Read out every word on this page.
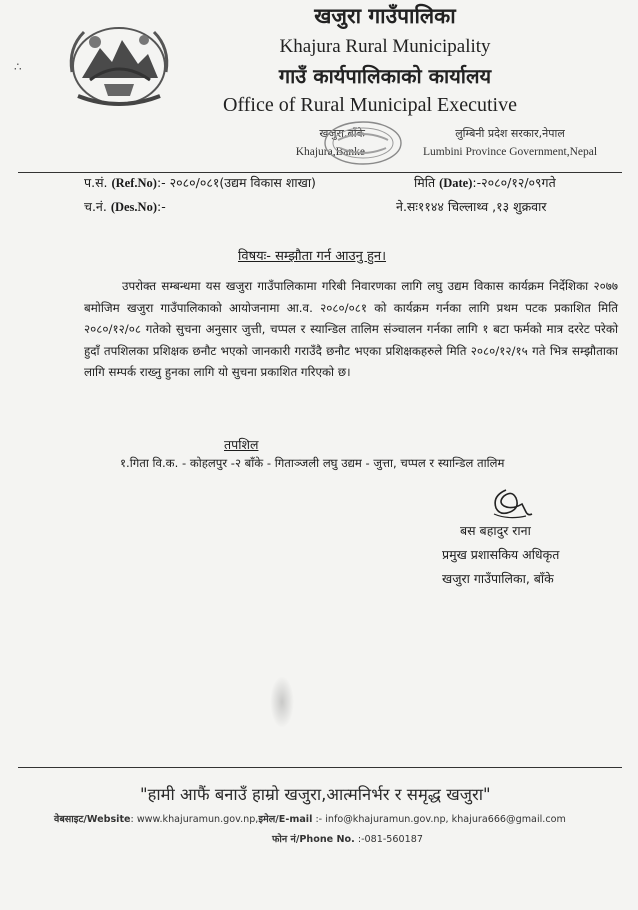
∴
खजुरा गाउँपालिका
Khajura Rural Municipality
गाउँ कार्यपालिकाको कार्यालय
Office of Rural Municipal Executive
खजुरा,बाँके
Khajura,Banke
लुम्बिनी प्रदेश सरकार,नेपाल
Lumbini Province Government,Nepal
प.सं. (Ref.No):- २०८०/०८१(उद्यम विकास शाखा)
च.नं. (Des.No):-
मिति (Date):-२०८०/१२/०९गते
ने.सः११४४ चिल्लाथ्व ,१३ शुक्रवार
विषयः- सम्झौता गर्न आउनु हुन।
उपरोक्त सम्बन्धमा यस खजुरा गाउँपालिकामा गरिबी निवारणका लागि लघु उद्यम विकास कार्यक्रम निर्देशिका २०७७ बमोजिम खजुरा गाउँपालिकाको आयोजनामा आ.व. २०८०/०८१ को कार्यक्रम गर्नका लागि प्रथम पटक प्रकाशित मिति २०८०/१२/०८ गतेको सुचना अनुसार जुत्ती, चप्पल र स्यान्डिल तालिम संञ्चालन गर्नका लागि १ बटा फर्मको मात्र दररेट परेको हुदाँ तपशिलका प्रशिक्षक छनौट भएको जानकारी गराउँदै छनौट भएका प्रशिक्षकहरुले मिति २०८०/१२/१५ गते भित्र सम्झौताका लागि सम्पर्क राख्नु हुनका लागि यो सुचना प्रकाशित गरिएको छ।
तपशिल
१.गिता वि.क. - कोहलपुर -२ बाँके - गिताञ्जली लघु उद्यम - जुत्ता, चप्पल र स्यान्डिल तालिम
बस बहादुर राना
प्रमुख प्रशासकिय अधिकृत
खजुरा गाउँपालिका, बाँके
"हामी आफैं बनाउँ हाम्रो खजुरा,आत्मनिर्भर र समृद्ध खजुरा"
वेबसाइट/Website: www.khajuramun.gov.np,इमेल/E-mail :- info@khajuramun.gov.np, khajura666@gmail.com
फोन नं/Phone No. :-081-560187
